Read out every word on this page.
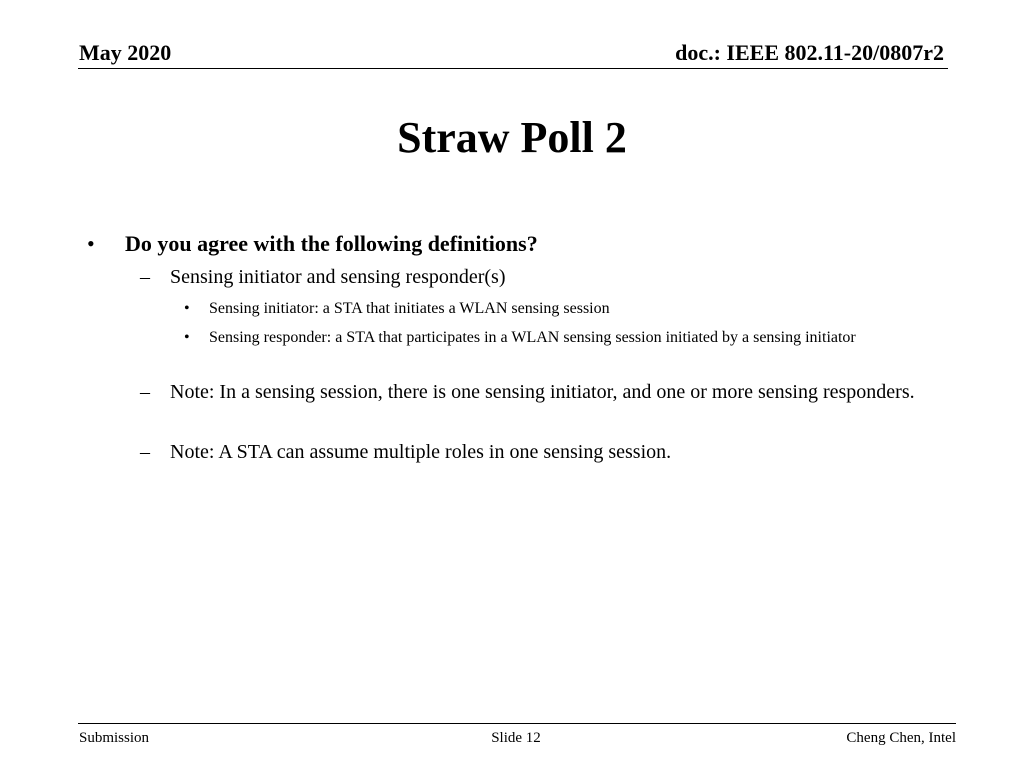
May 2020	doc.: IEEE 802.11-20/0807r2
Straw Poll 2
• Do you agree with the following definitions?
– Sensing initiator and sensing responder(s)
• Sensing initiator: a STA that initiates a WLAN sensing session
• Sensing responder: a STA that participates in a WLAN sensing session initiated by a sensing initiator
– Note: In a sensing session, there is one sensing initiator, and one or more sensing responders.
– Note: A STA can assume multiple roles in one sensing session.
Submission	Slide 12	Cheng Chen, Intel
